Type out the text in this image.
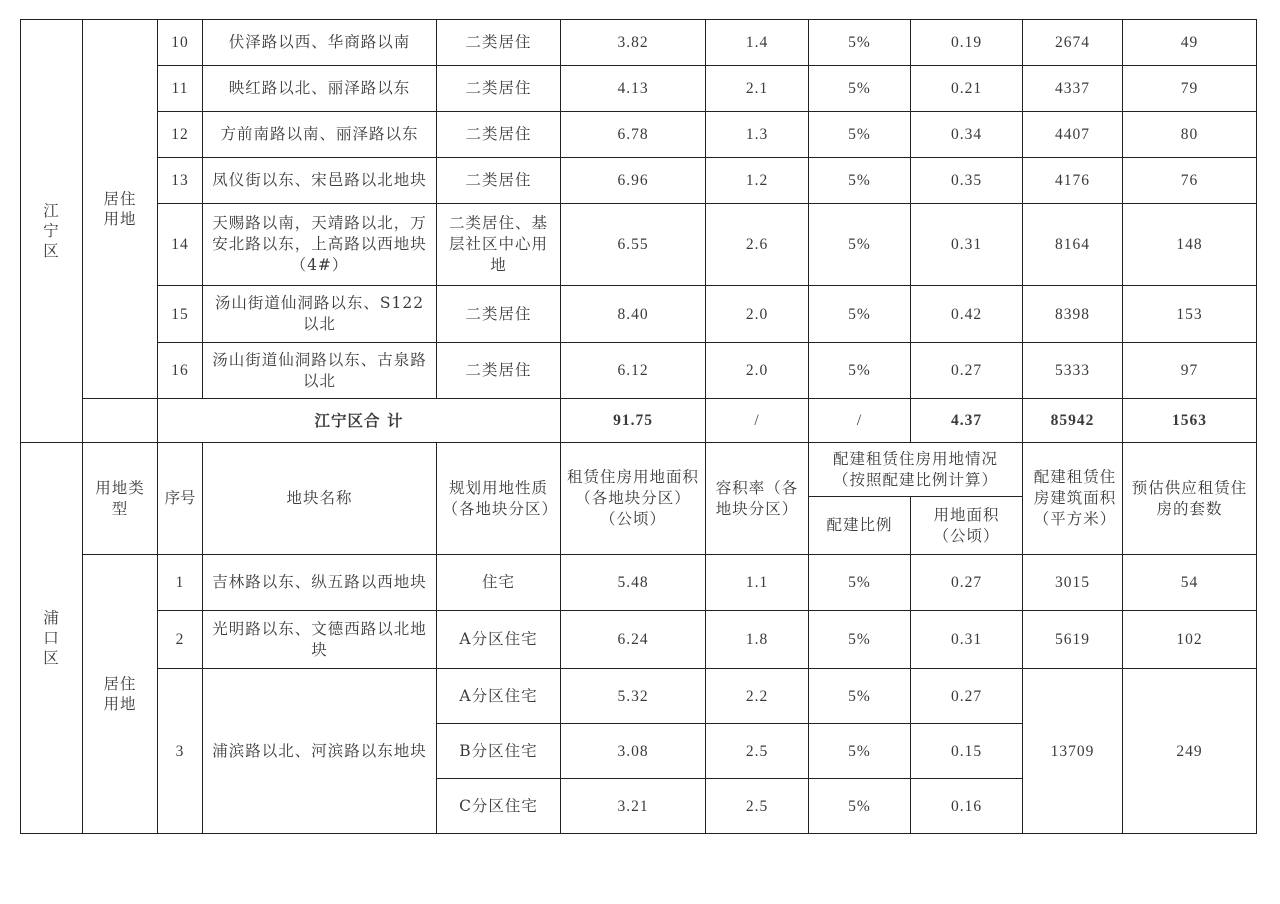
江宁区	居住用地	10	伏泽路以西、华商路以南	二类居住	3.82	1.4	5%	0.19	2674	49
		11	映红路以北、丽泽路以东	二类居住	4.13	2.1	5%	0.21	4337	79
		12	方前南路以南、丽泽路以东	二类居住	6.78	1.3	5%	0.34	4407	80
		13	凤仪街以东、宋邑路以北地块	二类居住	6.96	1.2	5%	0.35	4176	76
		14	天赐路以南，天靖路以北，万安北路以东，上高路以西地块（4#）	二类居住、基层社区中心用地	6.55	2.6	5%	0.31	8164	148
		15	汤山街道仙洞路以东、S122以北	二类居住	8.40	2.0	5%	0.42	8398	153
		16	汤山街道仙洞路以东、古泉路以北	二类居住	6.12	2.0	5%	0.27	5333	97
		江宁区合 计			91.75	/	/	4.37	85942	1563
浦口区	用地类型	序号	地块名称	规划用地性质（各地块分区）	租赁住房用地面积（各地块分区）（公顷）	容积率（各地块分区）	配建租赁住房用地情况（按照配建比例计算）		配建租赁住房建筑面积（平方米）	预估供应租赁住房的套数
							配建比例	用地面积（公顷）		
	居住用地	1	吉林路以东、纵五路以西地块	住宅	5.48	1.1	5%	0.27	3015	54
		2	光明路以东、文德西路以北地块	A分区住宅	6.24	1.8	5%	0.31	5619	102
		3	浦滨路以北、河滨路以东地块	A分区住宅	5.32	2.2	5%	0.27	13709	249
				B分区住宅	3.08	2.5	5%	0.15		
				C分区住宅	3.21	2.5	5%	0.16		
